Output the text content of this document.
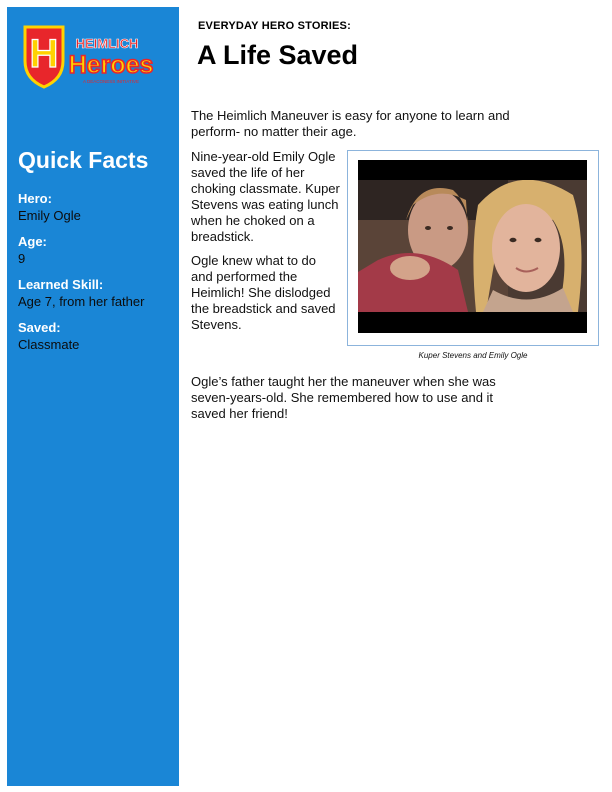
H HEIMLICH
Heroes
A DEACONESS INITIATIVE
Quick Facts
Hero:
Emily Ogle
Age:
9
Learned Skill:
Age 7, from her father
Saved:
Classmate
EVERYDAY HERO STORIES:
A Life Saved

The Heimlich Maneuver is easy for anyone to learn and perform- no matter their age.

Nine-year-old Emily Ogle saved the life of her choking classmate. Kuper Stevens was eating lunch when he choked on a breadstick.

Ogle knew what to do and performed the Heimlich! She dislodged the breadstick and saved Stevens.

Kuper Stevens and Emily Ogle

Ogle’s father taught her the maneuver when she was seven-years-old. She remembered how to use and it saved her friend!
